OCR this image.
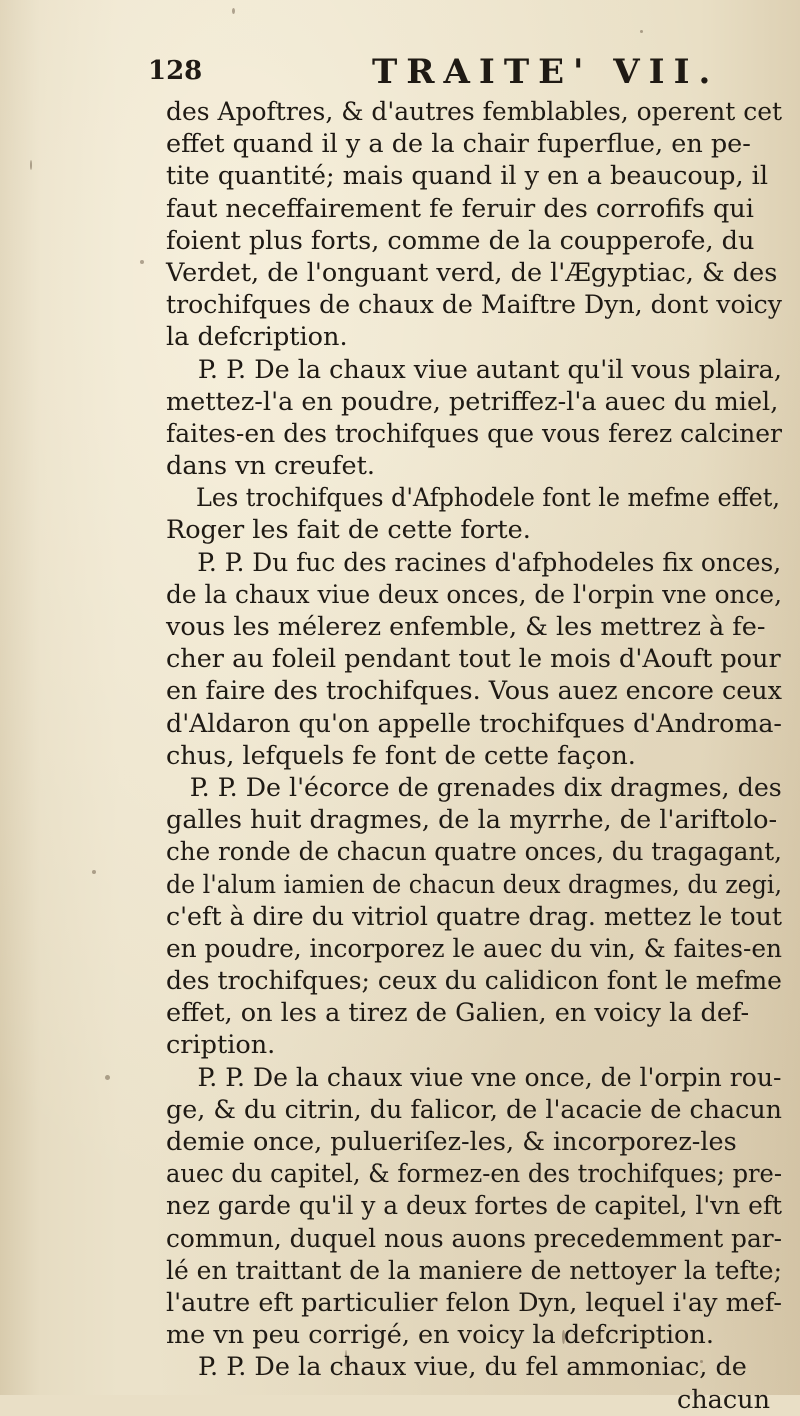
128	TRAITE' VII.
des Apoftres, & d'autres femblables, operent cet
effet quand il y a de la chair fuperflue, en pe-
tite quantité; mais quand il y en a beaucoup, il
faut neceffairement fe feruir des corrofifs qui
foient plus forts, comme de la coupperofe, du
Verdet, de l'onguant verd, de l'Ægyptiac, & des
trochifques de chaux de Maiftre Dyn, dont voicy
la defcription.
P. P. De la chaux viue autant qu'il vous plaira,
mettez-l'a en poudre, petriffez-l'a auec du miel,
faites-en des trochifques que vous ferez calciner
dans vn creufet.
Les trochifques d'Afphodele font le mefme effet,
Roger les fait de cette forte.
P. P. Du fuc des racines d'afphodeles fix onces,
de la chaux viue deux onces, de l'orpin vne once,
vous les mélerez enfemble, & les mettrez à fe-
cher au foleil pendant tout le mois d'Aouft pour
en faire des trochifques. Vous auez encore ceux
d'Aldaron qu'on appelle trochifques d'Androma-
chus, lefquels fe font de cette façon.
P. P. De l'écorce de grenades dix dragmes, des
galles huit dragmes, de la myrrhe, de l'ariftolo-
che ronde de chacun quatre onces, du tragagant,
de l'alum iamien de chacun deux dragmes, du zegi,
c'eft à dire du vitriol quatre drag. mettez le tout
en poudre, incorporez le auec du vin, & faites-en
des trochifques; ceux du calidicon font le mefme
effet, on les a tirez de Galien, en voicy la def-
cription.
P. P. De la chaux viue vne once, de l'orpin rou-
ge, & du citrin, du falicor, de l'acacie de chacun
demie once, pulueriſez-les, & incorporez-les
auec du capitel, & formez-en des trochifques; pre-
nez garde qu'il y a deux fortes de capitel, l'vn eft
commun, duquel nous auons precedemment par-
lé en traittant de la maniere de nettoyer la tefte;
l'autre eft particulier felon Dyn, lequel i'ay mef-
me vn peu corrigé, en voicy la defcription.
P. P. De la chaux viue, du fel ammoniac, de
chacun
